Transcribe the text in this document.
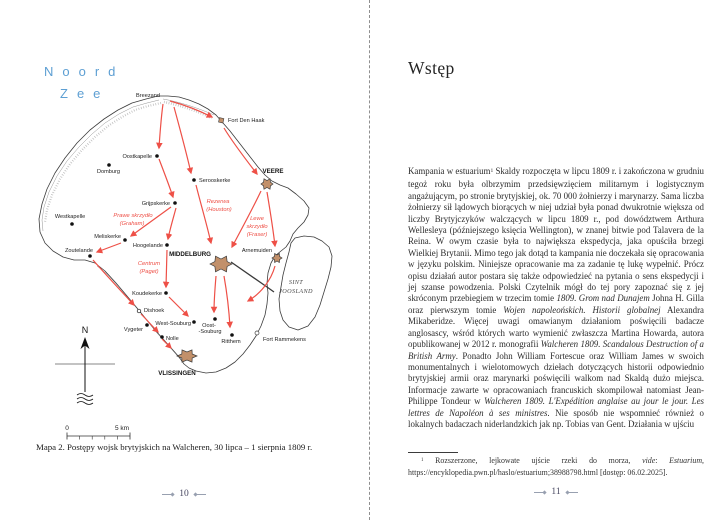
Noord
Zee	Breezand
Fort Den Haak
Oostkapelle
Domburg
Serooskerke
VEERE
Westkapelle
Grijpskerke
Meliskerke
Zoutelande
Hoogelande
MIDDELBURG	Arnemuiden
Koudekerke
Dishoek
West-Souburg
Vygeter
Nolle
Oost-
-Souburg
Ritthem	Fort Rammekens
VLISSINGEN
SINT
JOOSLAND
Prawe skrzydło
(Graham)
Rezerwa
(Houston)
Lewe
skrzydło
(Fraser)
Centrum
(Paget)
N
0	5 km
Mapa 2. Postępy wojsk brytyjskich na Walcheren, 30 lipca – 1 sierpnia 1809 r.
10
Wstęp
Kampania w estuarium$^1$ Skaldy rozpoczęta w lipcu 1809 r. i zakończona w grudniu tegoż roku była olbrzymim przedsięwzięciem militarnym i logistycznym angażującym, po stronie brytyjskiej, ok. 70 000 żołnierzy i marynarzy. Sama liczba żołnierzy sił lądowych biorących w niej udział była ponad dwukrotnie większa od liczby Brytyjczyków walczących w lipcu 1809 r., pod dowództwem Arthura Wellesleya (późniejszego księcia Wellington), w znanej bitwie pod Talavera de la Reina. W owym czasie była to największa ekspedycja, jaka opuściła brzegi Wielkiej Brytanii. Mimo tego jak dotąd ta kampania nie doczekała się opracowania w języku polskim. Niniejsze opracowanie ma za zadanie tę lukę wypełnić. Prócz opisu działań autor postara się także odpowiedzieć na pytania o sens ekspedycji i jej szanse powodzenia. Polski Czytelnik mógł do tej pory zapoznać się z jej skróconym przebiegiem w trzecim tomie 1809. Grom nad Dunajem Johna H. Gilla oraz pierwszym tomie Wojen napoleońskich. Historii globalnej Alexandra Mikaberidze. Więcej uwagi omawianym działaniom poświęcili badacze anglosascy, wśród których warto wymienić zwłaszcza Martina Howarda, autora opublikowanej w 2012 r. monografii Walcheren 1809. Scandalous Destruction of a British Army. Ponadto John William Fortescue oraz William James w swoich monumentalnych i wielotomowych dziełach dotyczących historii odpowiednio brytyjskiej armii oraz marynarki poświęcili walkom nad Skaldą dużo miejsca. Informacje zawarte w opracowaniach francuskich skompilował natomiast Jean-Philippe Tondeur w Walcheren 1809. L'Expédition anglaise au jour le jour. Les lettres de Napoléon à ses ministres. Nie sposób nie wspomnieć również o lokalnych badaczach niderlandzkich jak np. Tobias van Gent. Działania w ujściu
$^1$ Rozszerzone, lejkowate ujście rzeki do morza, vide: Estuarium, https://encyklopedia.pwn.pl/haslo/estuarium;38988798.html [dostęp: 06.02.2025].
11
